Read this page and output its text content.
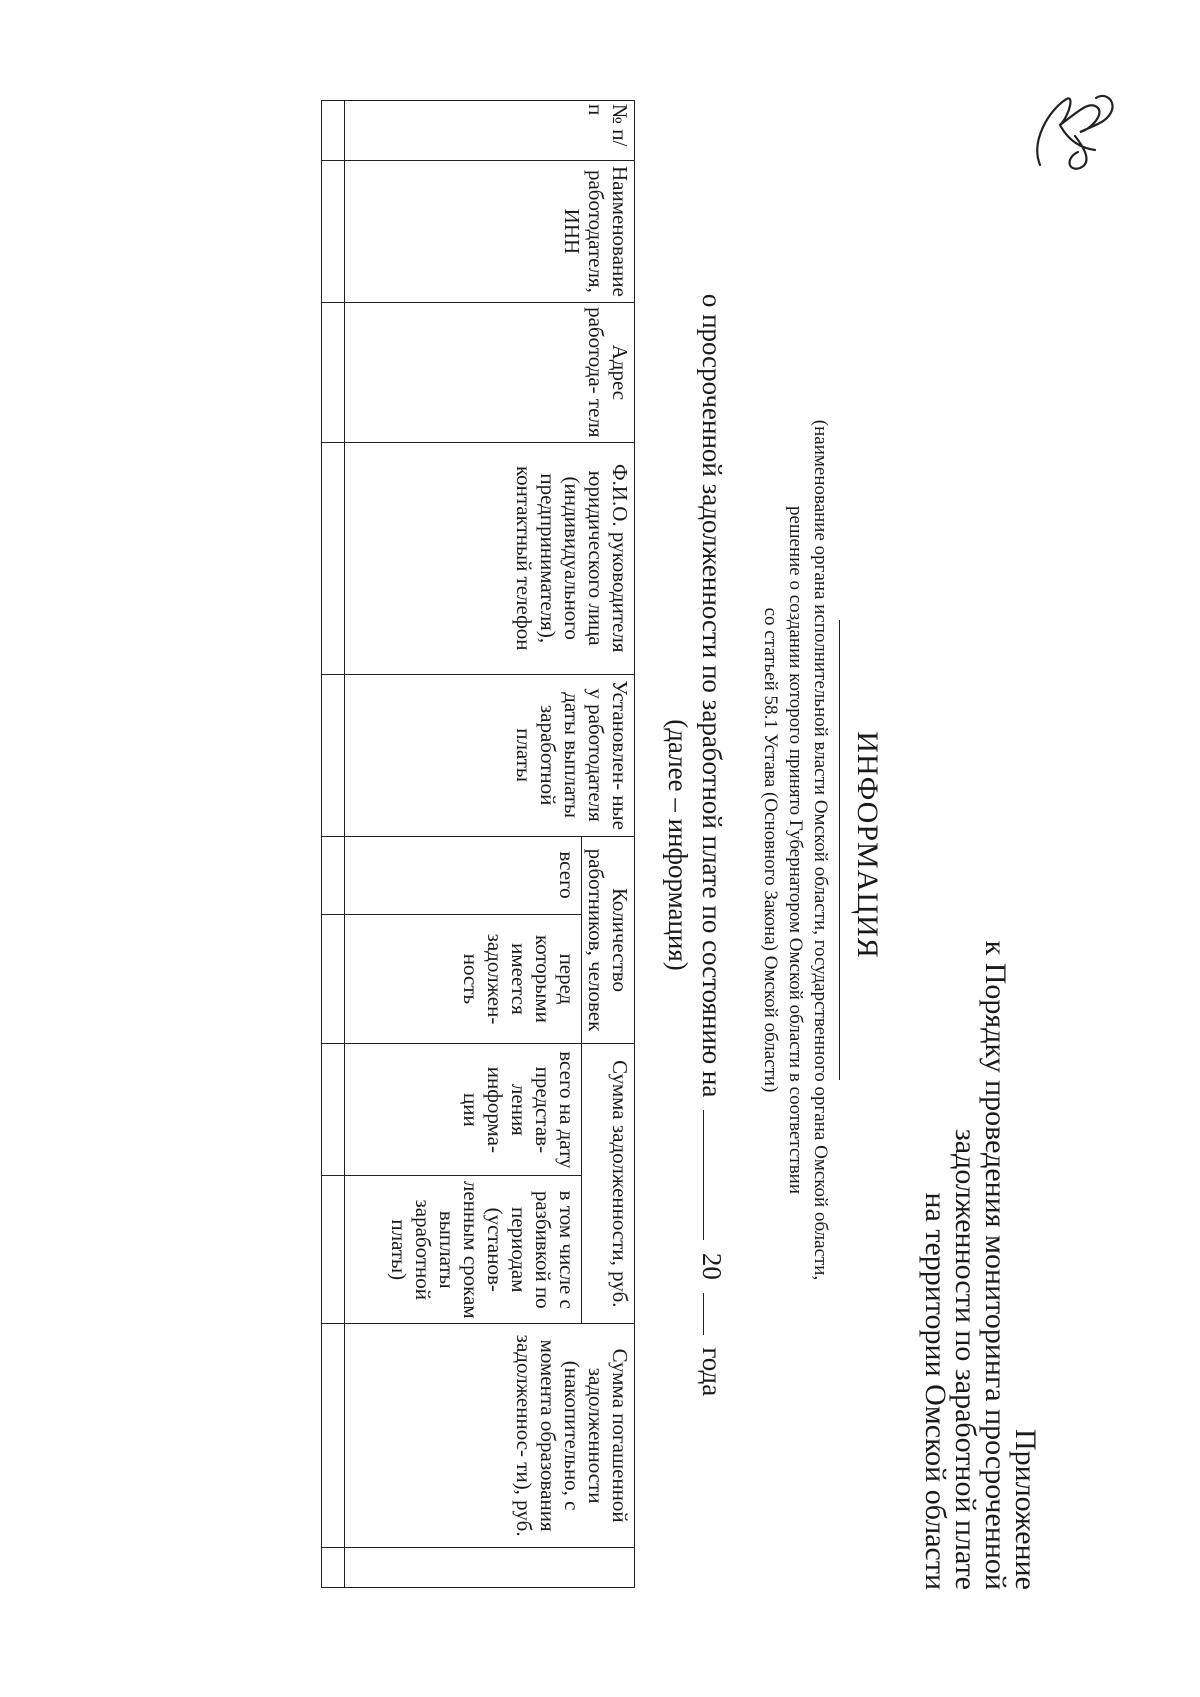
Приложение
к Порядку проведения мониторинга просроченной
задолженности по заработной плате
на территории Омской области
ИНФОРМАЦИЯ
(наименование органа исполнительной власти Омской области, государственного органа Омской области,
решение о создании которого принято Губернатором Омской области в соответствии
со статьей 58.1 Устава (Основного Закона) Омской области)
о просроченной задолженности по заработной плате по состоянию на  20  года
(далее – информация)
№ п/п	Наименование работодателя, ИНН	Адрес работода- теля	Ф.И.О. руководителя юридического лица (индивидуального предпринимателя), контактный телефон	Установлен- ные у работодателя даты выплаты заработной платы	Количество работников, человек		Сумма задолженности, руб.		Сумма погашенной задолженности (накопительно, с момента образования задолженнос- ти), руб.	
					всего	перед которыми имеется задолжен- ность	всего на дату представ- ления информа- ции	в том числе с разбивкой по периодам (установ- ленным срокам выплаты заработной платы)		
